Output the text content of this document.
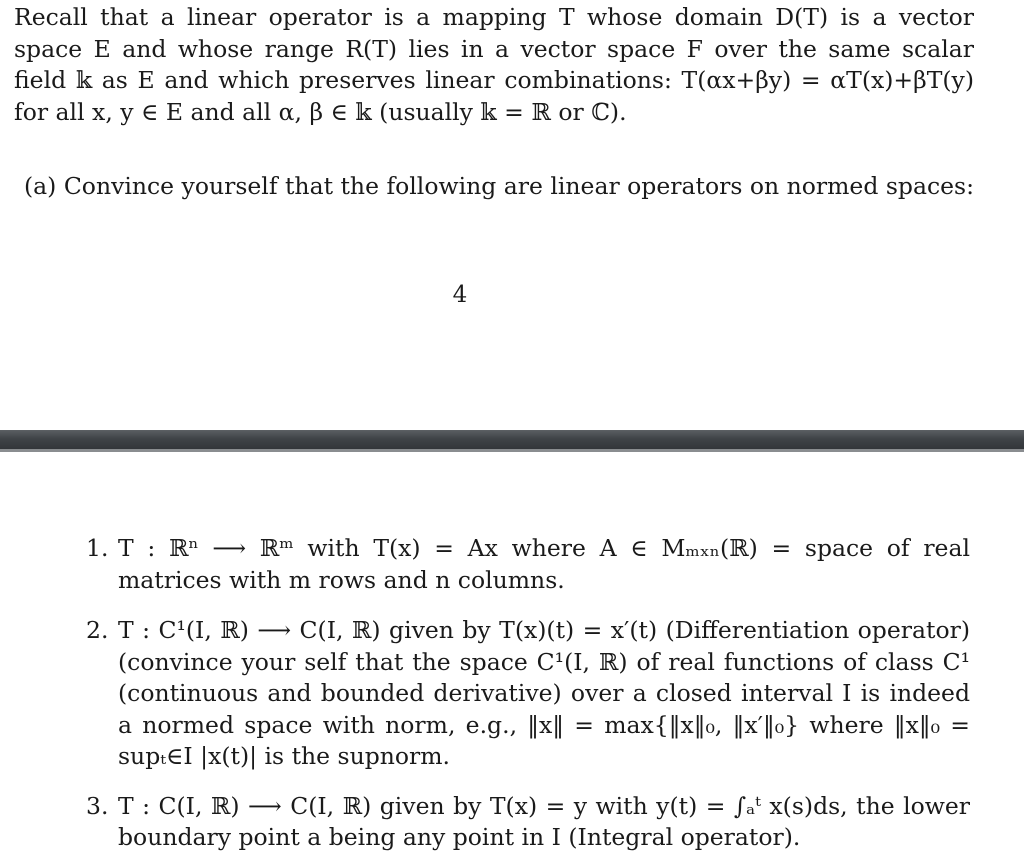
Recall that a linear operator is a mapping T whose domain D(T) is a vector space E and whose range R(T) lies in a vector space F over the same scalar field 𝕜 as E and which preserves linear combinations: T(αx+βy) = αT(x)+βT(y) for all x, y ∈ E and all α, β ∈ 𝕜 (usually 𝕜 = ℝ or ℂ).

(a) Convince yourself that the following are linear operators on normed spaces:

4
1. T : ℝⁿ ⟶ ℝᵐ with T(x) = Ax where A ∈ Mₘₓₙ(ℝ) = space of real matrices with m rows and n columns.
2. T : C¹(I, ℝ) ⟶ C(I, ℝ) given by T(x)(t) = x′(t) (Differentiation operator) (convince your self that the space C¹(I, ℝ) of real functions of class C¹ (continuous and bounded derivative) over a closed interval I is indeed a normed space with norm, e.g., ‖x‖ = max{‖x‖₀, ‖x′‖₀} where ‖x‖₀ = supₜ∈I |x(t)| is the supnorm.
3. T : C(I, ℝ) ⟶ C(I, ℝ) given by T(x) = y with y(t) = ∫ₐᵗ x(s)ds, the lower boundary point a being any point in I (Integral operator).
